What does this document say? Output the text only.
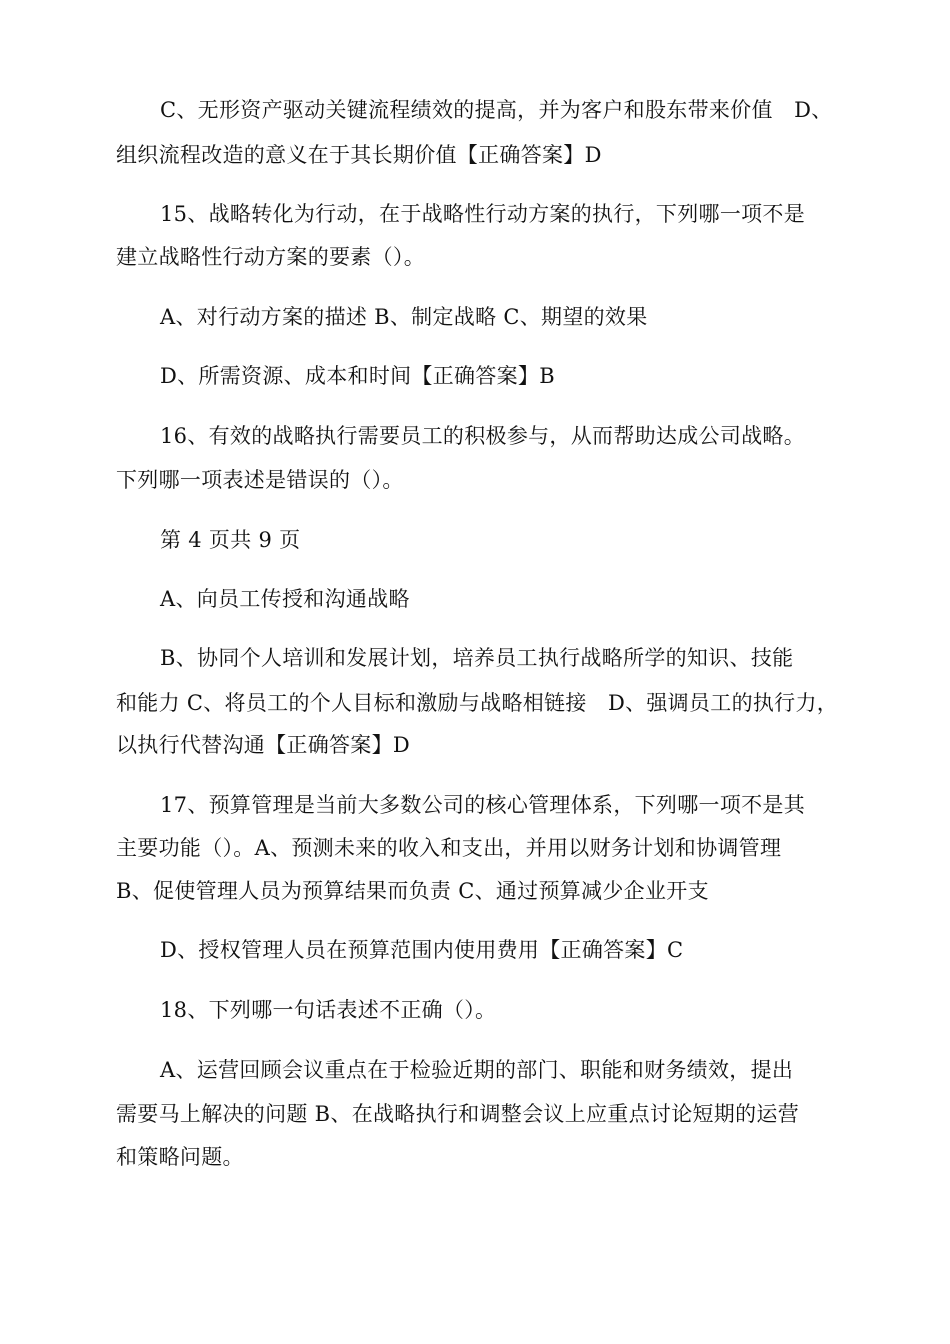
C、无形资产驱动关键流程绩效的提高，并为客户和股东带来价值　D、
组织流程改造的意义在于其长期价值【正确答案】D
15、战略转化为行动，在于战略性行动方案的执行，下列哪一项不是
建立战略性行动方案的要素（）。
A、对行动方案的描述 B、制定战略 C、期望的效果
D、所需资源、成本和时间【正确答案】B
16、有效的战略执行需要员工的积极参与，从而帮助达成公司战略。
下列哪一项表述是错误的（）。
第 4 页共 9 页
A、向员工传授和沟通战略
B、协同个人培训和发展计划，培养员工执行战略所学的知识、技能
和能力 C、将员工的个人目标和激励与战略相链接　D、强调员工的执行力，
以执行代替沟通【正确答案】D
17、预算管理是当前大多数公司的核心管理体系，下列哪一项不是其
主要功能（）。A、预测未来的收入和支出，并用以财务计划和协调管理
B、促使管理人员为预算结果而负责 C、通过预算减少企业开支
D、授权管理人员在预算范围内使用费用【正确答案】C
18、下列哪一句话表述不正确（）。
A、运营回顾会议重点在于检验近期的部门、职能和财务绩效，提出
需要马上解决的问题 B、在战略执行和调整会议上应重点讨论短期的运营
和策略问题。
